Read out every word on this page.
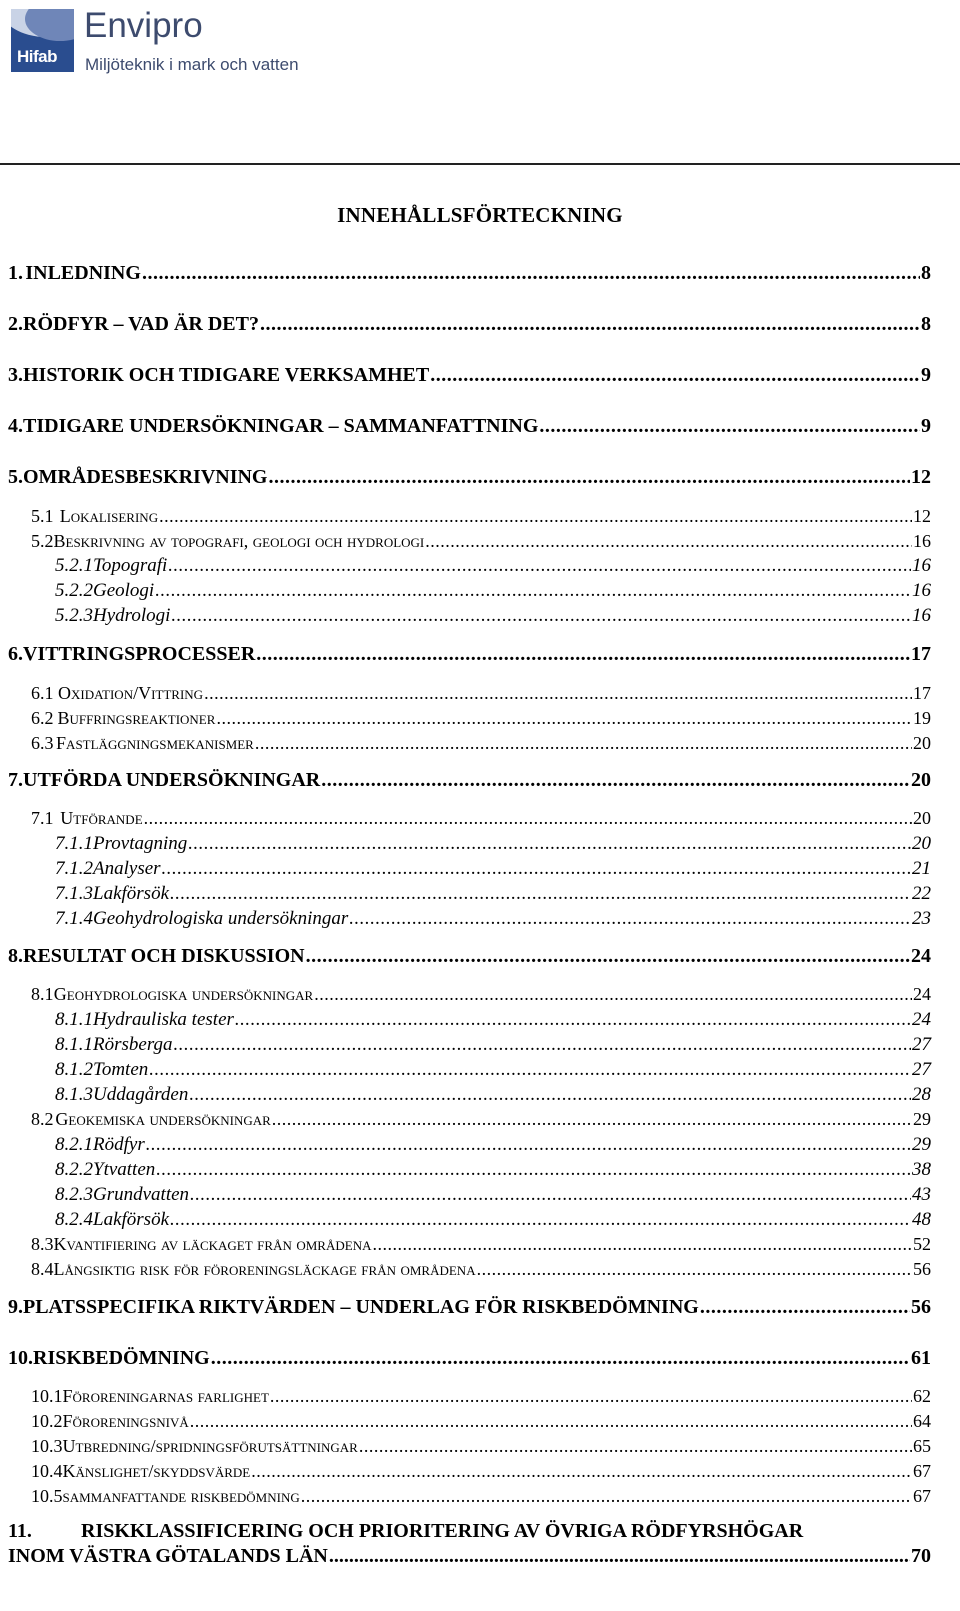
Hifab
Envipro
Miljöteknik i mark och vatten
INNEHÅLLSFÖRTECKNING
1. INLEDNING .....	8
2. RÖDFYR – VAD ÄR DET? .....	8
3. HISTORIK OCH TIDIGARE VERKSAMHET .....	9
4. TIDIGARE UNDERSÖKNINGAR – SAMMANFATTNING .....	9
5. OMRÅDESBESKRIVNING .....	12
5.1 Lokalisering .....	12
5.2 Beskrivning av topografi, geologi och hydrologi .....	16
5.2.1 Topografi .....	16
5.2.2 Geologi .....	16
5.2.3 Hydrologi .....	16
6. VITTRINGSPROCESSER .....	17
6.1 Oxidation/Vittring .....	17
6.2 Buffringsreaktioner .....	19
6.3 Fastläggningsmekanismer .....	20
7. UTFÖRDA UNDERSÖKNINGAR .....	20
7.1 Utförande .....	20
7.1.1 Provtagning .....	20
7.1.2 Analyser .....	21
7.1.3 Lakförsök .....	22
7.1.4 Geohydrologiska undersökningar .....	23
8. RESULTAT OCH DISKUSSION .....	24
8.1 Geohydrologiska undersökningar .....	24
8.1.1 Hydrauliska tester .....	24
8.1.1 Rörsberga .....	27
8.1.2 Tomten .....	27
8.1.3 Uddagården .....	28
8.2 Geokemiska undersökningar .....	29
8.2.1 Rödfyr .....	29
8.2.2 Ytvatten .....	38
8.2.3 Grundvatten .....	43
8.2.4 Lakförsök .....	48
8.3 Kvantifiering av läckaget från områdena .....	52
8.4 Långsiktig risk för föroreningsläckage från områdena .....	56
9. PLATSSPECIFIKA RIKTVÄRDEN – UNDERLAG FÖR RISKBEDÖMNING .....	56
10. RISKBEDÖMNING .....	61
10.1 Föroreningarnas farlighet .....	62
10.2 Föroreningsnivå .....	64
10.3 Utbredning/spridningsförutsättningar .....	65
10.4 Känslighet/skyddsvärde .....	67
10.5 sammanfattande riskbedömning .....	67
11.	RISKKLASSIFICERING OCH PRIORITERING AV ÖVRIGA RÖDFYRSHÖGAR
INOM VÄSTRA GÖTALANDS LÄN .....	70
